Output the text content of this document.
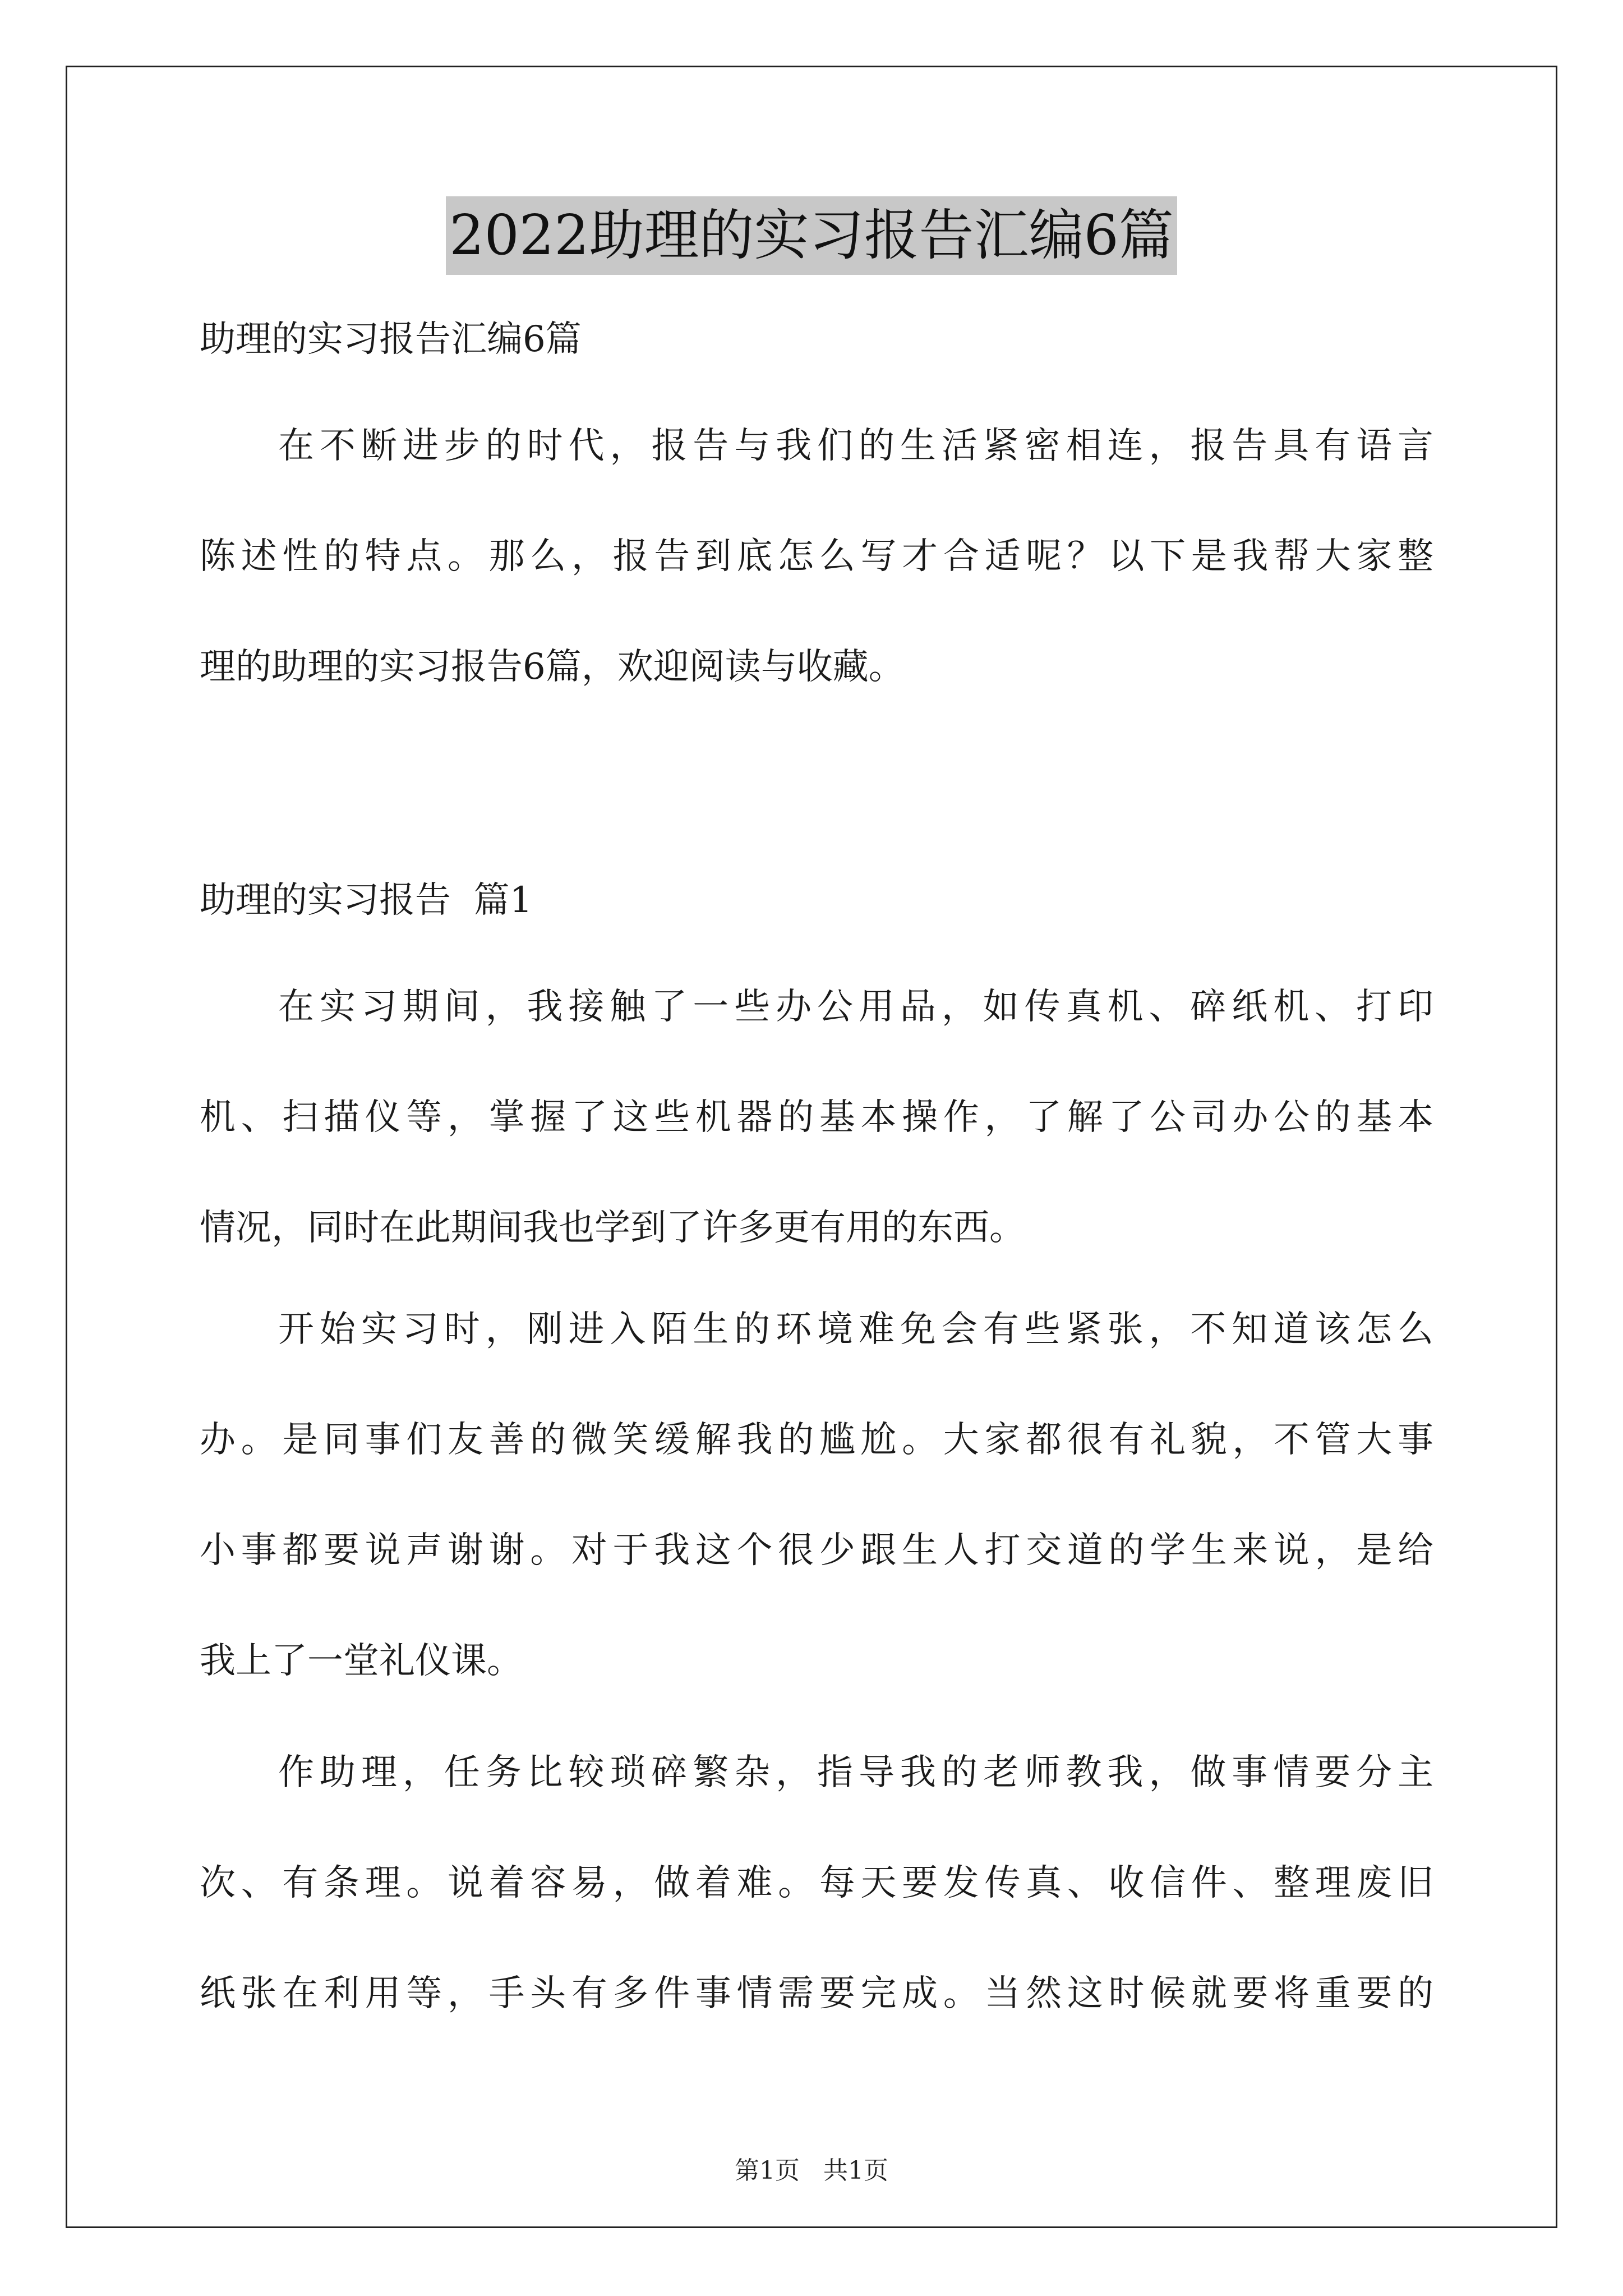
2022助理的实习报告汇编6篇

助理的实习报告汇编6篇

在不断进步的时代，报告与我们的生活紧密相连，报告具有语言

陈述性的特点。那么，报告到底怎么写才合适呢？以下是我帮大家整

理的助理的实习报告6篇，欢迎阅读与收藏。

助理的实习报告  篇1

在实习期间，我接触了一些办公用品，如传真机、碎纸机、打印

机、扫描仪等，掌握了这些机器的基本操作，了解了公司办公的基本

情况，同时在此期间我也学到了许多更有用的东西。

开始实习时，刚进入陌生的环境难免会有些紧张，不知道该怎么

办。是同事们友善的微笑缓解我的尴尬。大家都很有礼貌，不管大事

小事都要说声谢谢。对于我这个很少跟生人打交道的学生来说，是给

我上了一堂礼仪课。

作助理，任务比较琐碎繁杂，指导我的老师教我，做事情要分主

次、有条理。说着容易，做着难。每天要发传真、收信件、整理废旧

纸张在利用等，手头有多件事情需要完成。当然这时候就要将重要的

第1页 共1页
